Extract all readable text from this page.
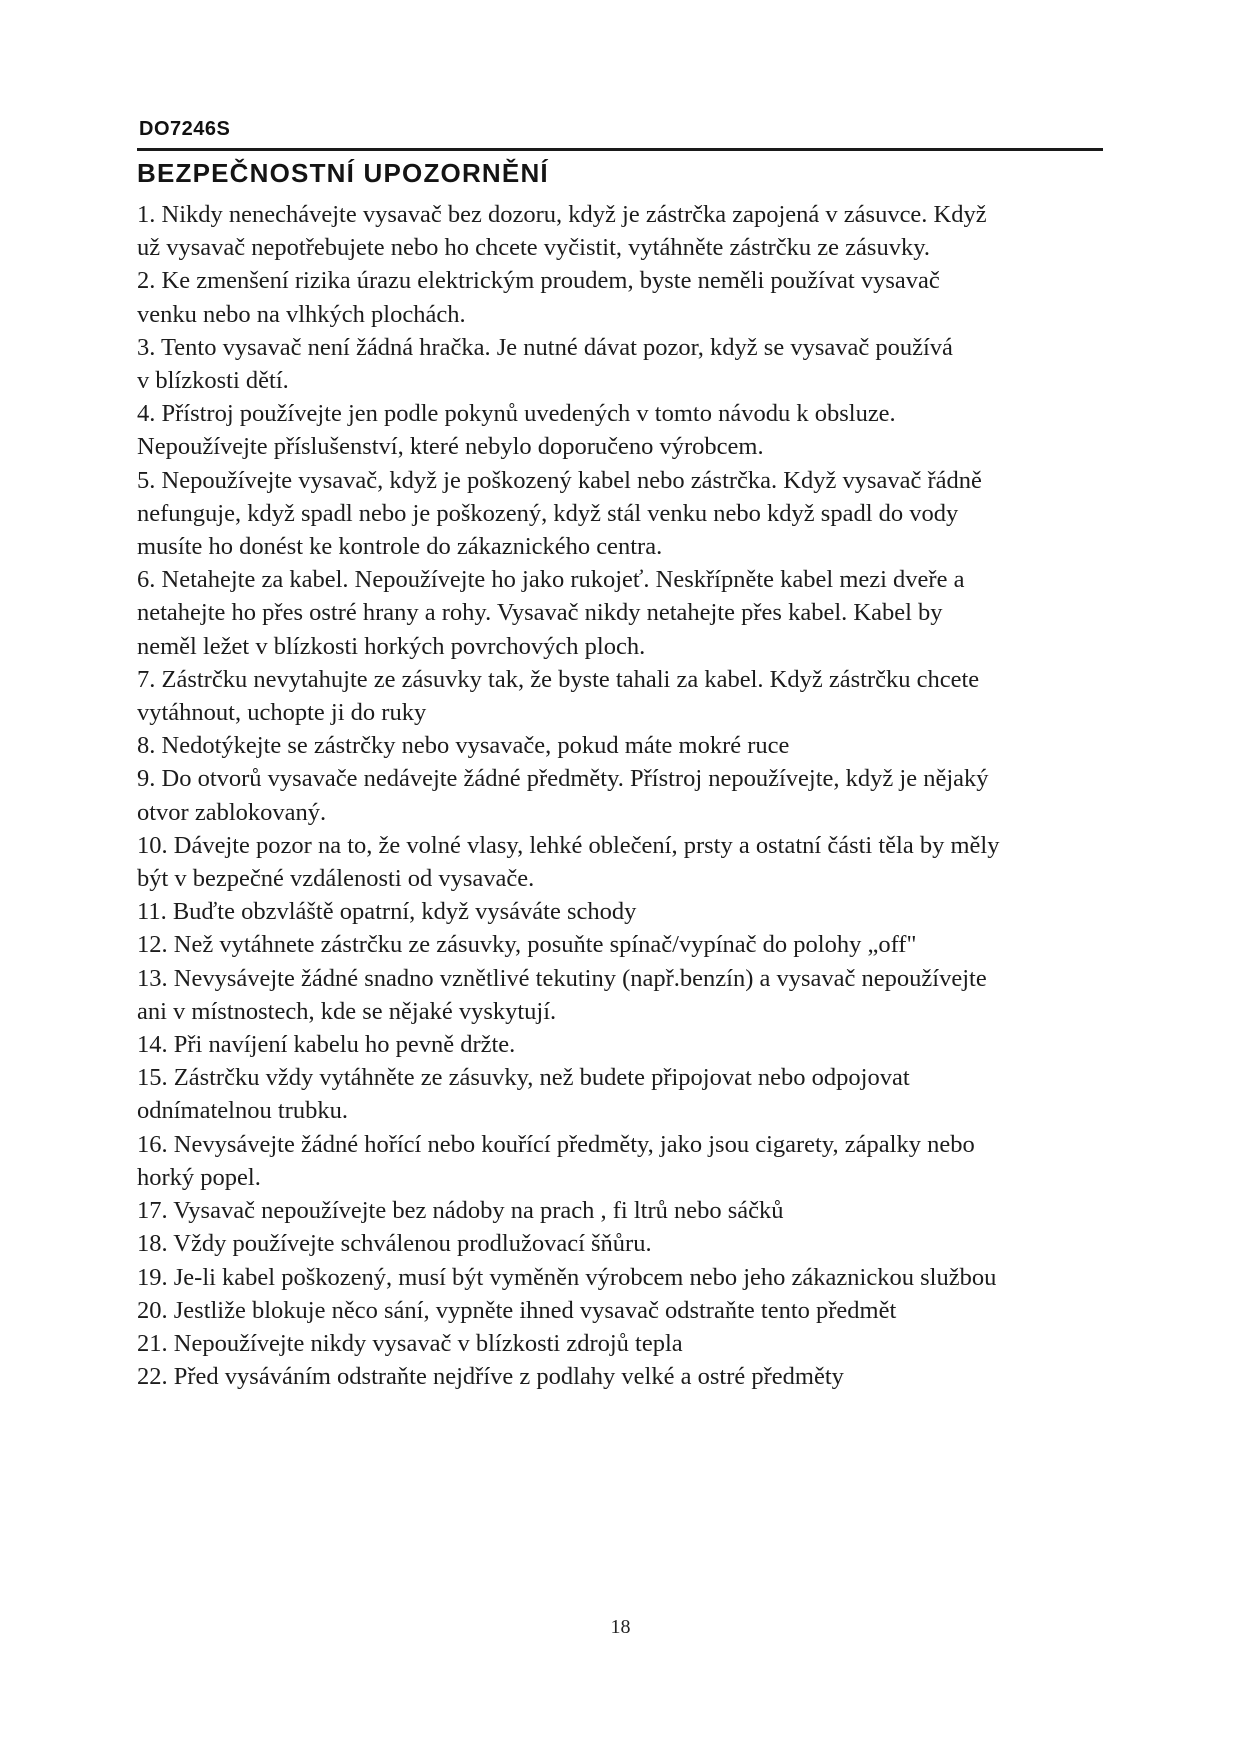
DO7246S
BEZPEČNOSTNÍ UPOZORNĚNÍ
1. Nikdy nenechávejte vysavač bez dozoru, když je zástrčka zapojená v zásuvce. Když
už vysavač nepotřebujete nebo ho chcete vyčistit, vytáhněte zástrčku ze zásuvky.
2. Ke zmenšení rizika úrazu elektrickým proudem, byste neměli používat vysavač
venku nebo na vlhkých plochách.
3. Tento vysavač není žádná hračka. Je nutné dávat pozor, když se vysavač používá
v blízkosti dětí.
4. Přístroj používejte jen podle pokynů uvedených v tomto návodu k obsluze.
Nepoužívejte příslušenství, které nebylo doporučeno výrobcem.
5. Nepoužívejte vysavač, když je poškozený kabel nebo zástrčka. Když vysavač řádně
nefunguje, když spadl nebo je poškozený, když stál venku nebo když spadl do vody
musíte ho donést ke kontrole do zákaznického centra.
6. Netahejte za kabel. Nepoužívejte ho jako rukojeť. Neskřípněte kabel mezi dveře a
netahejte ho přes ostré hrany a rohy. Vysavač nikdy netahejte přes kabel. Kabel by
neměl ležet v blízkosti horkých povrchových ploch.
7. Zástrčku nevytahujte ze zásuvky tak, že byste tahali za kabel. Když zástrčku chcete
vytáhnout, uchopte ji do ruky
8. Nedotýkejte se zástrčky nebo vysavače, pokud máte mokré ruce
9. Do otvorů vysavače nedávejte žádné předměty. Přístroj nepoužívejte, když je nějaký
otvor zablokovaný.
10. Dávejte pozor na to, že volné vlasy, lehké oblečení, prsty a ostatní části těla by měly
být v bezpečné vzdálenosti od vysavače.
11. Buďte obzvláště opatrní, když vysáváte schody
12. Než vytáhnete zástrčku ze zásuvky, posuňte spínač/vypínač do polohy „off"
13. Nevysávejte žádné snadno vznětlivé tekutiny (např.benzín) a vysavač nepoužívejte
ani v místnostech, kde se nějaké vyskytují.
14. Při navíjení kabelu ho pevně držte.
15. Zástrčku vždy vytáhněte ze zásuvky, než budete připojovat nebo odpojovat
odnímatelnou trubku.
16. Nevysávejte žádné hořící nebo kouřící předměty, jako jsou cigarety, zápalky nebo
horký popel.
17. Vysavač nepoužívejte bez nádoby na prach , fi ltrů nebo sáčků
18. Vždy používejte schválenou prodlužovací šňůru.
19. Je-li kabel poškozený, musí být vyměněn výrobcem nebo jeho zákaznickou službou
20. Jestliže blokuje něco sání, vypněte ihned vysavač odstraňte tento předmět
21. Nepoužívejte nikdy vysavač v blízkosti zdrojů tepla
22. Před vysáváním odstraňte nejdříve z podlahy velké a ostré předměty
18
